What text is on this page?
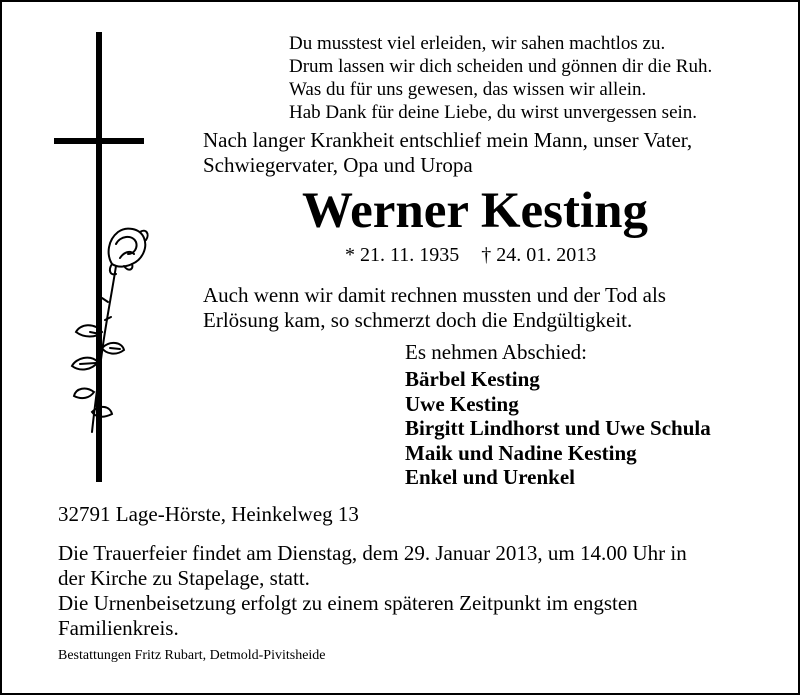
Du musstest viel erleiden, wir sahen machtlos zu.
Drum lassen wir dich scheiden und gönnen dir die Ruh.
Was du für uns gewesen, das wissen wir allein.
Hab Dank für deine Liebe, du wirst unvergessen sein.
Nach langer Krankheit entschlief mein Mann, unser Vater,
Schwiegervater, Opa und Uropa
Werner Kesting
* 21. 11. 1935 † 24. 01. 2013
Auch wenn wir damit rechnen mussten und der Tod als
Erlösung kam, so schmerzt doch die Endgültigkeit.
Es nehmen Abschied:
Bärbel Kesting
Uwe Kesting
Birgitt Lindhorst und Uwe Schula
Maik und Nadine Kesting
Enkel und Urenkel
32791 Lage-Hörste, Heinkelweg 13
Die Trauerfeier findet am Dienstag, dem 29. Januar 2013, um 14.00 Uhr in
der Kirche zu Stapelage, statt.
Die Urnenbeisetzung erfolgt zu einem späteren Zeitpunkt im engsten
Familienkreis.
Bestattungen Fritz Rubart, Detmold-Pivitsheide
